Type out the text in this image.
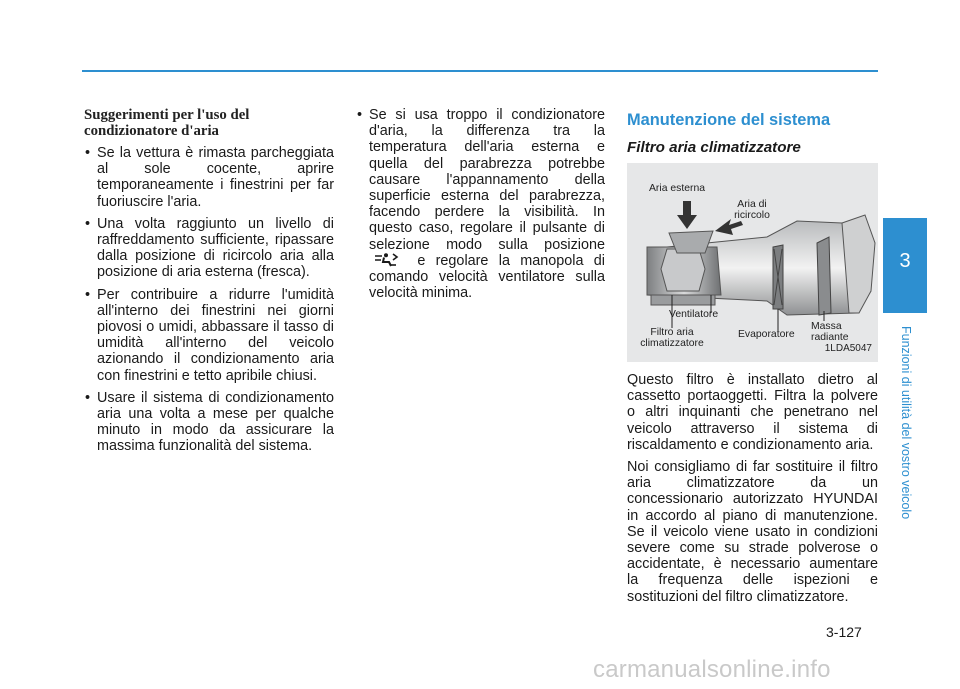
Suggerimenti per l'uso del condizionatore d'aria
• Se la vettura è rimasta parcheggiata al sole cocente, aprire temporaneamente i finestrini per far fuoriuscire l'aria.
• Una volta raggiunto un livello di raffreddamento sufficiente, ripassare dalla posizione di ricircolo aria alla posizione di aria esterna (fresca).
• Per contribuire a ridurre l'umidità all'interno dei finestrini nei giorni piovosi o umidi, abbassare il tasso di umidità all'interno del veicolo azionando il condizionamento aria con finestrini e tetto apribile chiusi.
• Usare il sistema di condizionamento aria una volta a mese per qualche minuto in modo da assicurare la massima funzionalità del sistema.
• Se si usa troppo il condizionatore d'aria, la differenza tra la temperatura dell'aria esterna e quella del parabrezza potrebbe causare l'appannamento della superficie esterna del parabrezza, facendo perdere la visibilità. In questo caso, regolare il pulsante di selezione modo sulla posizione  e regolare la manopola di comando velocità ventilatore sulla velocità minima.
Manutenzione del sistema
Filtro aria climatizzatore
Aria esterna
Aria di ricircolo
Ventilatore
Filtro aria climatizzatore
Evaporatore
Massa radiante
1LDA5047

Questo filtro è installato dietro al cassetto portaoggetti. Filtra la polvere o altri inquinanti che penetrano nel veicolo attraverso il sistema di riscaldamento e condizionamento aria.

Noi consigliamo di far sostituire il filtro aria climatizzatore da un concessionario autorizzato HYUNDAI in accordo al piano di manutenzione. Se il veicolo viene usato in condizioni severe come su strade polverose o accidentate, è necessario aumentare la frequenza delle ispezioni e sostituzioni del filtro climatizzatore.

3
Funzioni di utilità del vostro veicolo
3-127
carmanualsonline.info
